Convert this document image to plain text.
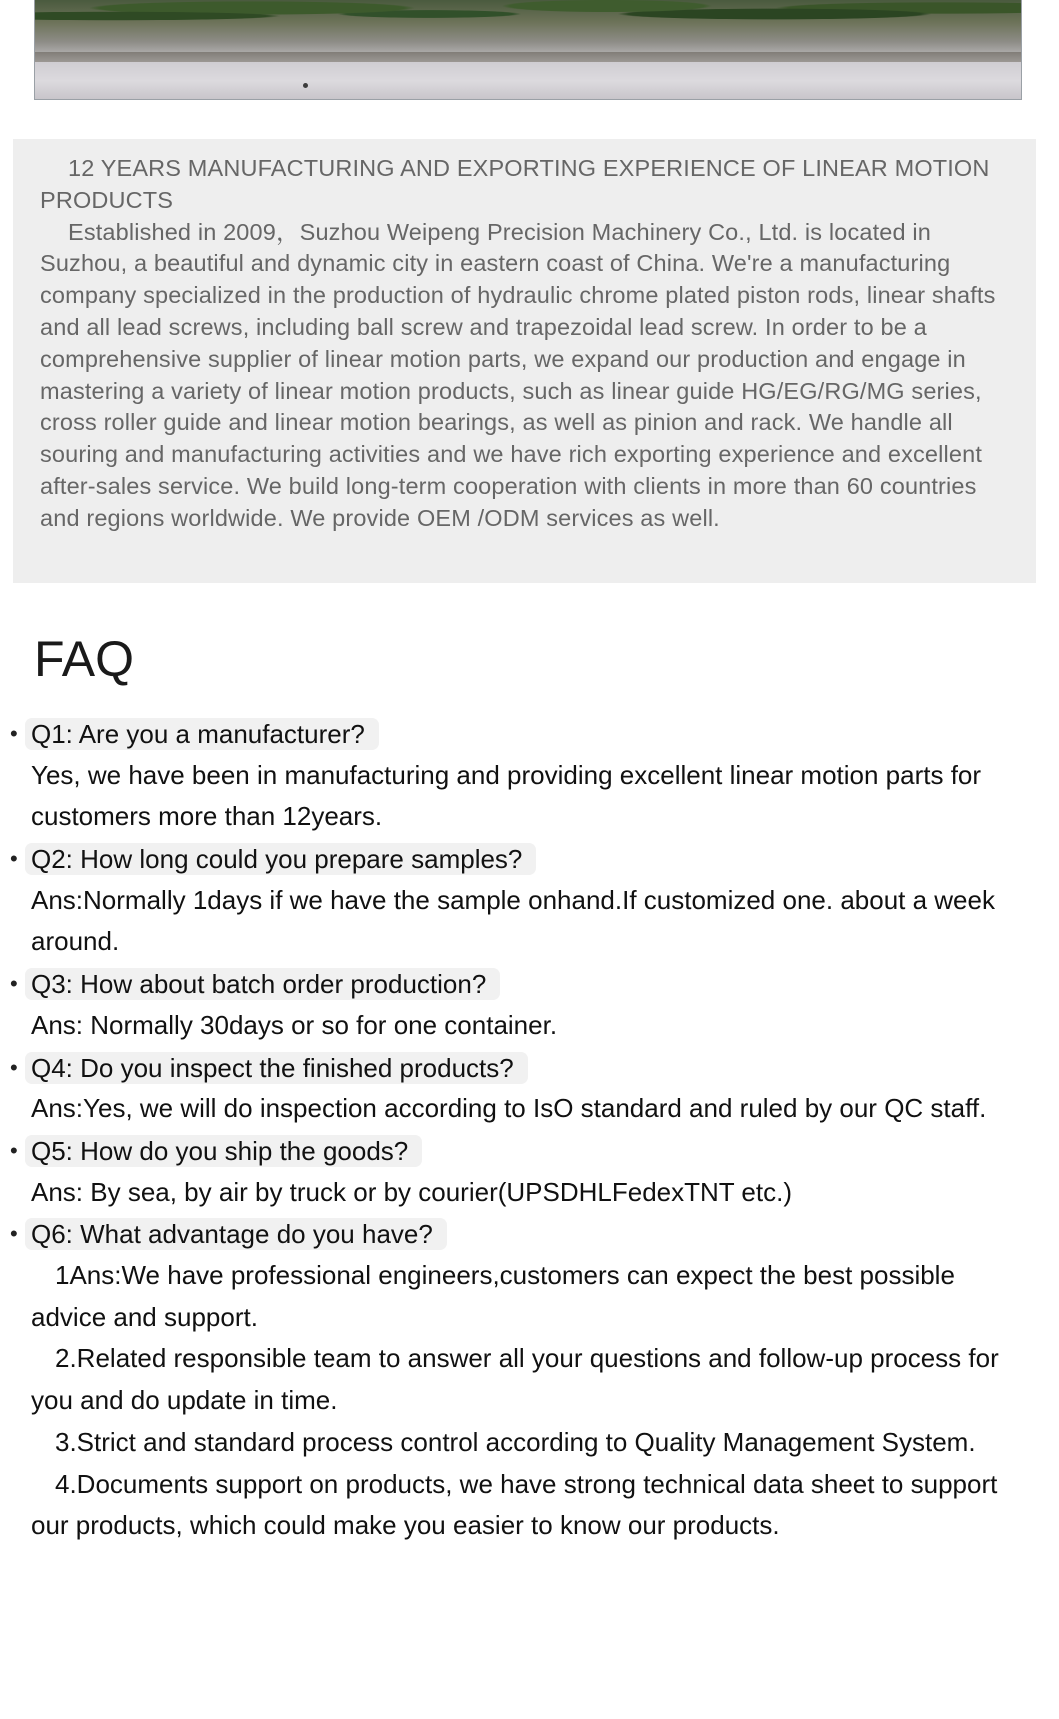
12 YEARS MANUFACTURING AND EXPORTING EXPERIENCE OF LINEAR MOTION PRODUCTS

Established in 2009，Suzhou Weipeng Precision Machinery Co., Ltd. is located in Suzhou, a beautiful and dynamic city in eastern coast of China. We're a manufacturing company specialized in the production of hydraulic chrome plated piston rods, linear shafts and all lead screws, including ball screw and trapezoidal lead screw. In order to be a comprehensive supplier of linear motion parts, we expand our production and engage in mastering a variety of linear motion products, such as linear guide HG/EG/RG/MG series, cross roller guide and linear motion bearings, as well as pinion and rack. We handle all souring and manufacturing activities and we have rich exporting experience and excellent after-sales service. We build long-term cooperation with clients in more than 60 countries and regions worldwide. We provide OEM /ODM services as well.

FAQ
• Q1: Are you a manufacturer?

Yes, we have been in manufacturing and providing excellent linear motion parts for customers more than 12years.

• Q2: How long could you prepare samples?

Ans:Normally 1days if we have the sample onhand.If customized one. about a week around.

• Q3: How about batch order production?

Ans: Normally 30days or so for one container.

• Q4: Do you inspect the finished products?

Ans:Yes, we will do inspection according to IsO standard and ruled by our QC staff.

• Q5: How do you ship the goods?

Ans: By sea, by air by truck or by courier(UPSDHLFedexTNT etc.)

• Q6: What advantage do you have?

1Ans:We have professional engineers,customers can expect the best possible advice and support.

2.Related responsible team to answer all your questions and follow-up process for you and do update in time.

3.Strict and standard process control according to Quality Management System.

4.Documents support on products, we have strong technical data sheet to support our products, which could make you easier to know our products.
